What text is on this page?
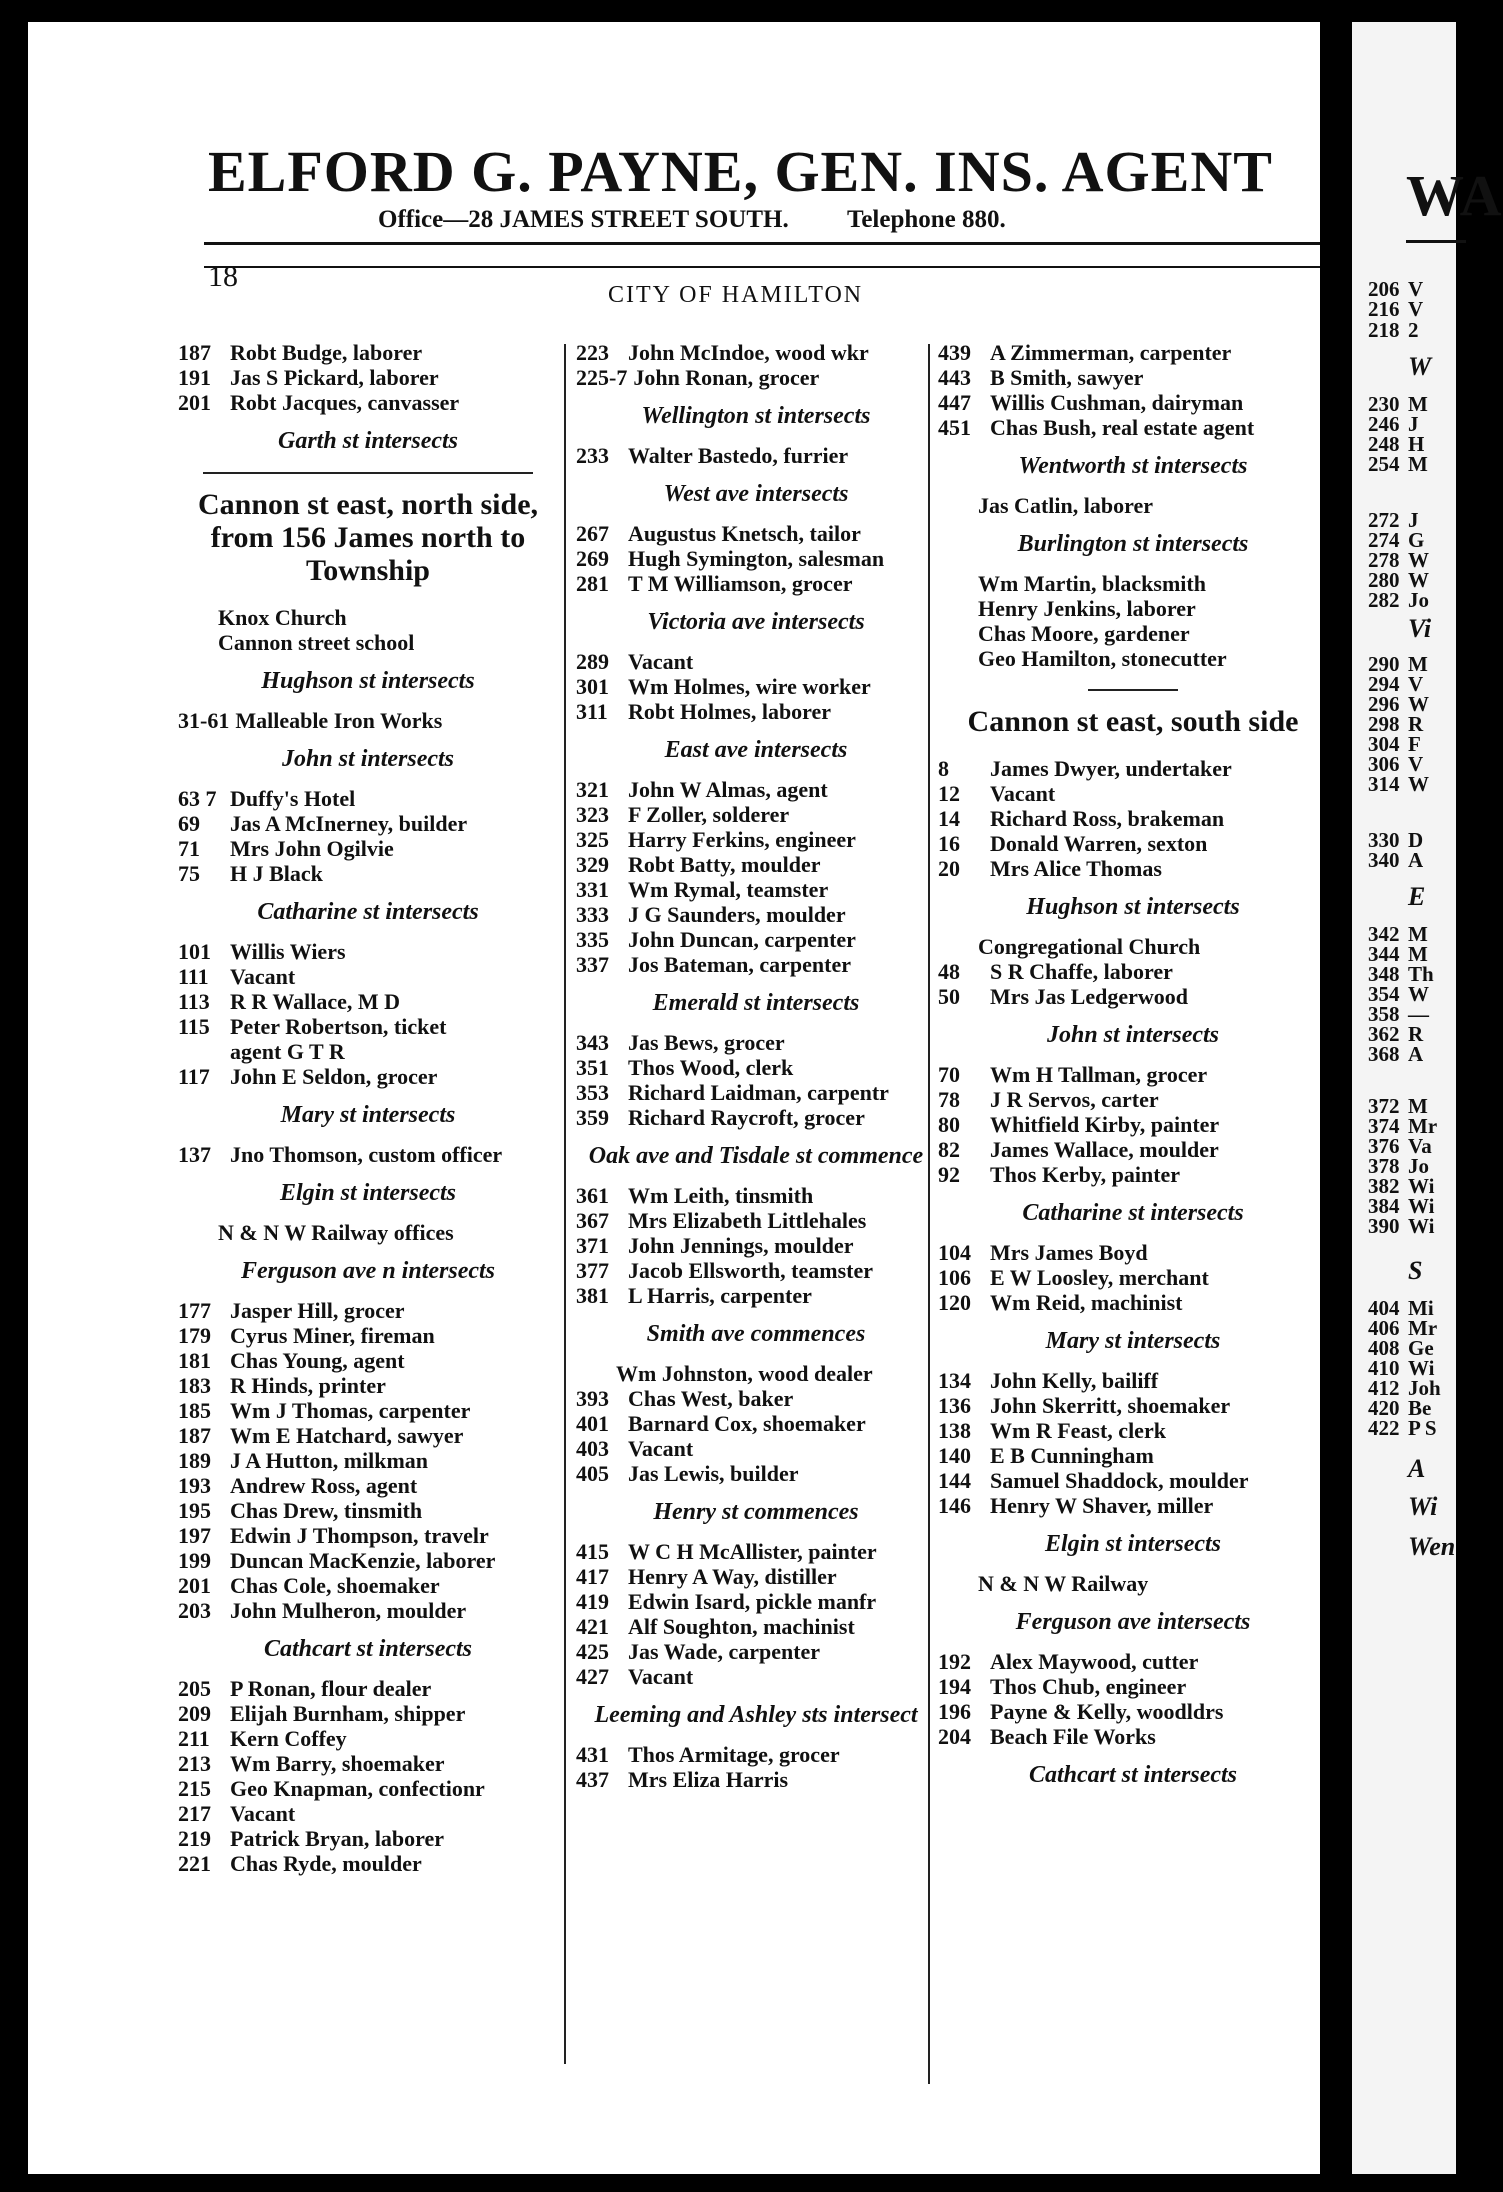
ELFORD G. PAYNE, GEN. INS. AGENT
Office—28 JAMES STREET SOUTH. Telephone 880.
18
CITY OF HAMILTON
187 Robt Budge, laborer
191 Jas S Pickard, laborer
201 Robt Jacques, canvasser
Garth st intersects
Cannon st east, north side, from 156 James north to Township
Knox Church
Cannon street school
Hughson st intersects
31-61 Malleable Iron Works
John st intersects
63 7 Duffy's Hotel
69	Jas A McInerney, builder
71	Mrs John Ogilvie
75	H J Black
Catharine st intersects
101 Willis Wiers
111 Vacant
113 R R Wallace, M D
115 Peter Robertson, ticket
agent G T R
117 John E Seldon, grocer
Mary st intersects
137 Jno Thomson, custom officer
Elgin st intersects
N & N W Railway offices
Ferguson ave n intersects
177 Jasper Hill, grocer
179 Cyrus Miner, fireman
181 Chas Young, agent
183 R Hinds, printer
185 Wm J Thomas, carpenter
187 Wm E Hatchard, sawyer
189 J A Hutton, milkman
193 Andrew Ross, agent
195 Chas Drew, tinsmith
197 Edwin J Thompson, travelr
199 Duncan MacKenzie, laborer
201 Chas Cole, shoemaker
203 John Mulheron, moulder
Cathcart st intersects
205 P Ronan, flour dealer
209 Elijah Burnham, shipper
211 Kern Coffey
213 Wm Barry, shoemaker
215 Geo Knapman, confectionr
217 Vacant
219 Patrick Bryan, laborer
221 Chas Ryde, moulder
223 John McIndoe, wood wkr
225-7 John Ronan, grocer
Wellington st intersects
233 Walter Bastedo, furrier
West ave intersects
267 Augustus Knetsch, tailor
269 Hugh Symington, salesman
281 T M Williamson, grocer
Victoria ave intersects
289 Vacant
301 Wm Holmes, wire worker
311 Robt Holmes, laborer
East ave intersects
321 John W Almas, agent
323 F Zoller, solderer
325 Harry Ferkins, engineer
329 Robt Batty, moulder
331 Wm Rymal, teamster
333 J G Saunders, moulder
335 John Duncan, carpenter
337 Jos Bateman, carpenter
Emerald st intersects
343 Jas Bews, grocer
351 Thos Wood, clerk
353 Richard Laidman, carpentr
359 Richard Raycroft, grocer
Oak ave and Tisdale st commence
361 Wm Leith, tinsmith
367 Mrs Elizabeth Littlehales
371 John Jennings, moulder
377 Jacob Ellsworth, teamster
381 L Harris, carpenter
Smith ave commences
Wm Johnston, wood dealer
393 Chas West, baker
401 Barnard Cox, shoemaker
403 Vacant
405 Jas Lewis, builder
Henry st commences
415 W C H McAllister, painter
417 Henry A Way, distiller
419 Edwin Isard, pickle manfr
421 Alf Soughton, machinist
425 Jas Wade, carpenter
427 Vacant
Leeming and Ashley sts intersect
431 Thos Armitage, grocer
437 Mrs Eliza Harris
439 A Zimmerman, carpenter
443 B Smith, sawyer
447 Willis Cushman, dairyman
451 Chas Bush, real estate agent
Wentworth st intersects
Jas Catlin, laborer
Burlington st intersects
Wm Martin, blacksmith
Henry Jenkins, laborer
Chas Moore, gardener
Geo Hamilton, stonecutter
Cannon st east, south side
8	James Dwyer, undertaker
12	Vacant
14	Richard Ross, brakeman
16	Donald Warren, sexton
20	Mrs Alice Thomas
Hughson st intersects
Congregational Church
48	S R Chaffe, laborer
50	Mrs Jas Ledgerwood
John st intersects
70	Wm H Tallman, grocer
78	J R Servos, carter
80	Whitfield Kirby, painter
82	James Wallace, moulder
92	Thos Kerby, painter
Catharine st intersects
104 Mrs James Boyd
106 E W Loosley, merchant
120 Wm Reid, machinist
Mary st intersects
134 John Kelly, bailiff
136 John Skerritt, shoemaker
138 Wm R Feast, clerk
140 E B Cunningham
144 Samuel Shaddock, moulder
146 Henry W Shaver, miller
Elgin st intersects
N & N W Railway
Ferguson ave intersects
192 Alex Maywood, cutter
194 Thos Chub, engineer
196 Payne & Kelly, woodldrs
204 Beach File Works
Cathcart st intersects
WA
206 V
216 V
218 2
W
230 M
246 J
248 H
254 M
272 J
274 G
278 W
280 W
282 Jo
Vi
290 M
294 V
296 W
298 R
304 F
306 V
314 W
330 D
340 A
E
342 M
344 M
348 Th
354 W
358 —
362 R
368 A
372 M
374 Mr
376 Va
378 Jo
382 Wi
384 Wi
390 Wi
S
404 Mi
406 Mr
408 Ge
410 Wi
412 Joh
420 Be
422 P S
A
Wi
Wen
